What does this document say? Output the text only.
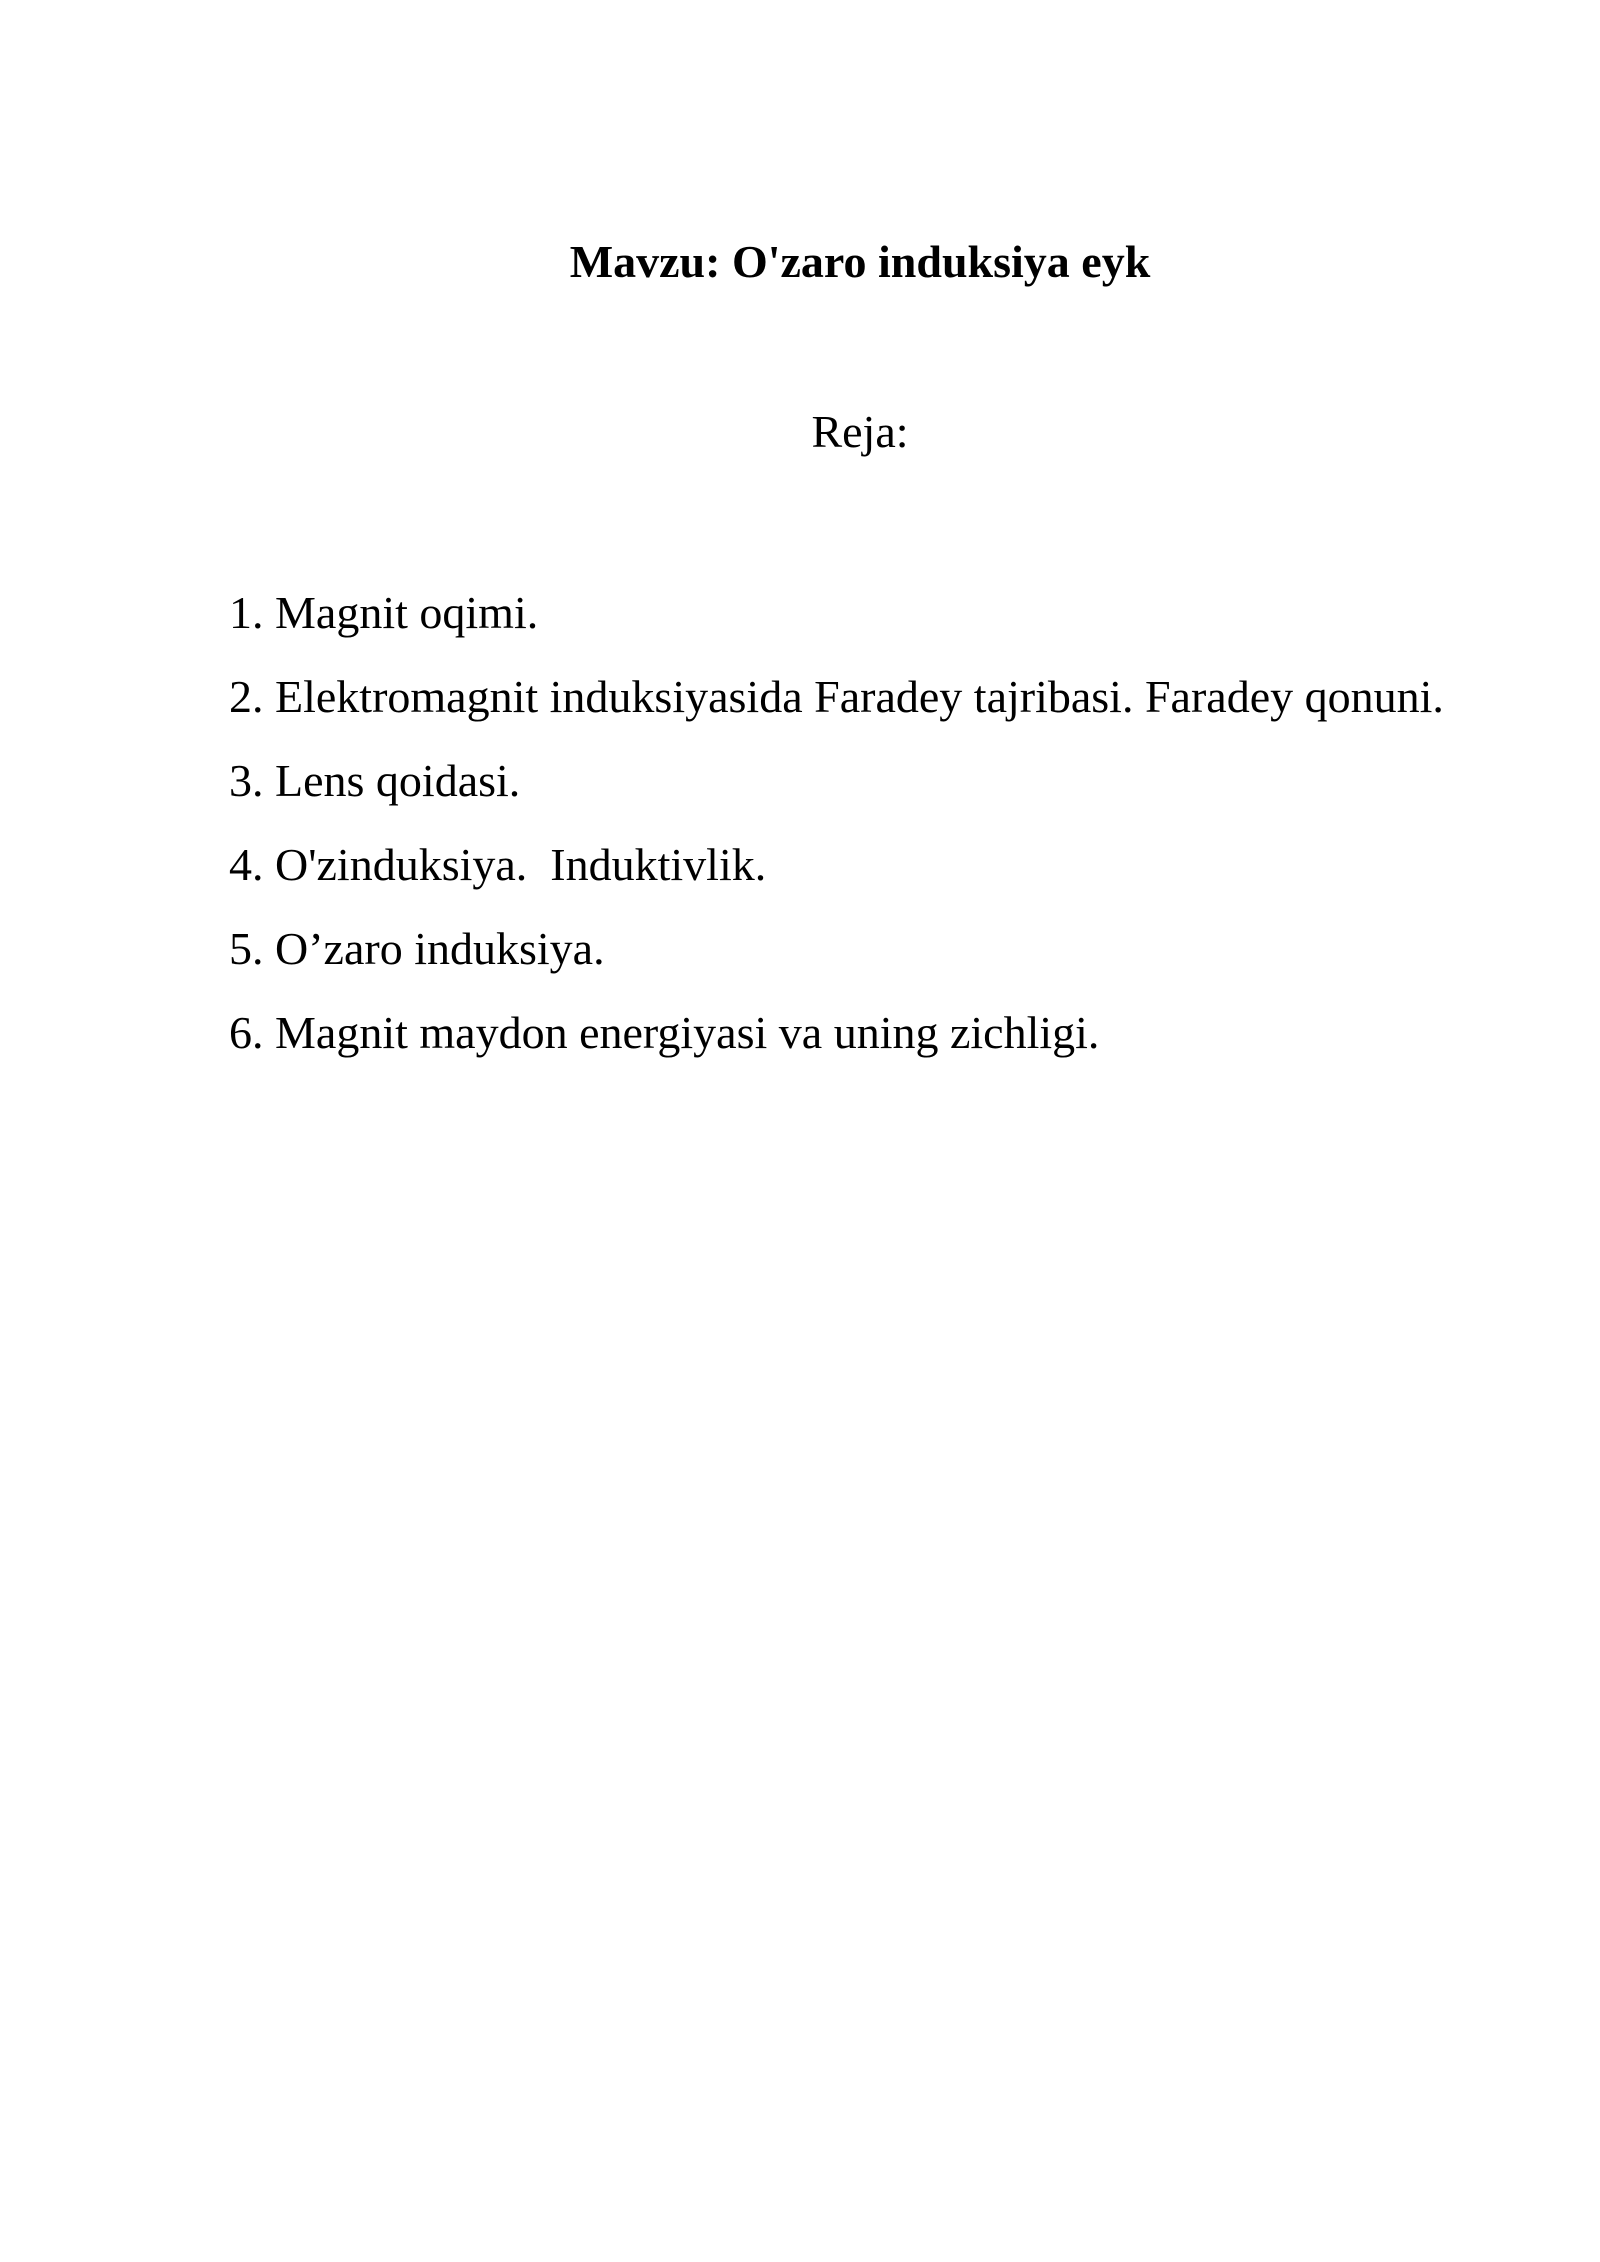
Mavzu: O'zaro induksiya eyk
Reja:
1. Magnit oqimi.
2. Elektromagnit induksiyasida Faradey tajribasi. Faradey qonuni.
3. Lens qoidasi.
4. O'zinduksiya.  Induktivlik.
5. O’zaro induksiya.
6. Magnit maydon energiyasi va uning zichligi.
